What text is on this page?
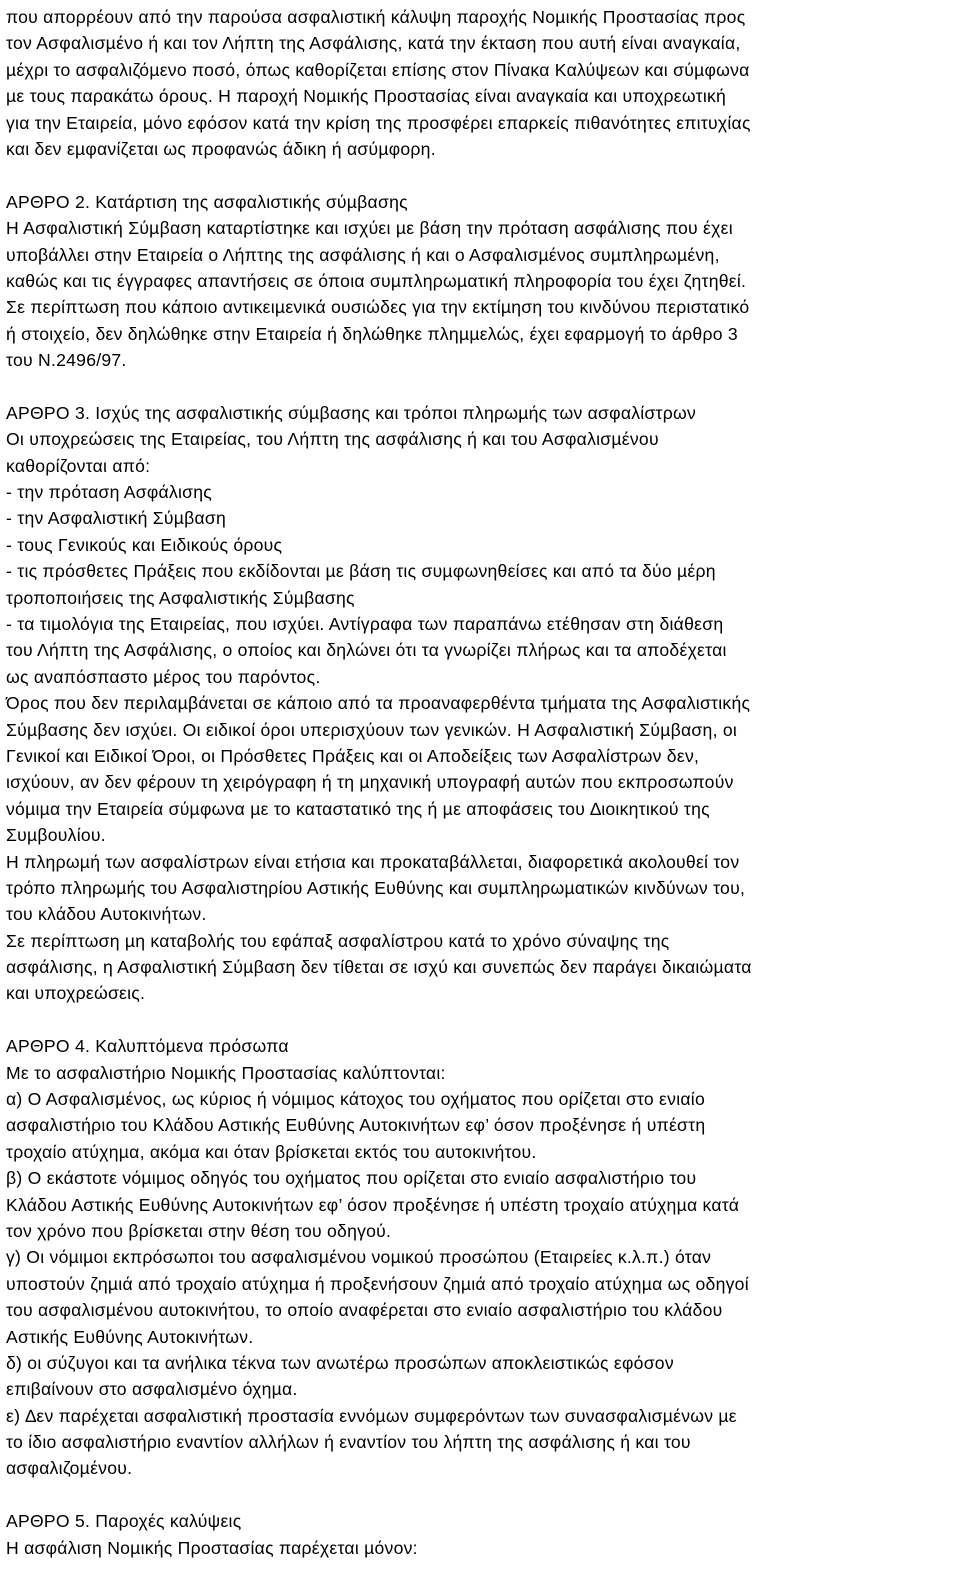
που απορρέουν από την παρούσα ασφαλιστική κάλυψη παροχής Νοµικής Προστασίας προς
τον Ασφαλισµένο ή και τον Λήπτη της Ασφάλισης, κατά την έκταση που αυτή είναι αναγκαία,
µέχρι το ασφαλιζόµενο ποσό, όπως καθορίζεται επίσης στον Πίνακα Καλύψεων και σύµφωνα
µε τους παρακάτω όρους. Η παροχή Νοµικής Προστασίας είναι αναγκαία και υποχρεωτική
για την Εταιρεία, µόνο εφόσον κατά την κρίση της προσφέρει επαρκείς πιθανότητες επιτυχίας
και δεν εµφανίζεται ως προφανώς άδικη ή ασύµφορη.
ΑΡΘΡΟ 2. Κατάρτιση της ασφαλιστικής σύµβασης
Η Ασφαλιστική Σύµβαση καταρτίστηκε και ισχύει µε βάση την πρόταση ασφάλισης που έχει
υποβάλλει στην Εταιρεία ο Λήπτης της ασφάλισης ή και ο Ασφαλισµένος συµπληρωµένη,
καθώς και τις έγγραφες απαντήσεις σε όποια συµπληρωµατική πληροφορία του έχει ζητηθεί.
Σε περίπτωση που κάποιο αντικειµενικά ουσιώδες για την εκτίµηση του κινδύνου περιστατικό
ή στοιχείο, δεν δηλώθηκε στην Εταιρεία ή δηλώθηκε πληµµελώς, έχει εφαρµογή το άρθρο 3
του Ν.2496/97.
ΑΡΘΡΟ 3. Ισχύς της ασφαλιστικής σύµβασης και τρόποι πληρωµής των ασφαλίστρων
Οι υποχρεώσεις της Εταιρείας, του Λήπτη της ασφάλισης ή και του Ασφαλισµένου
καθορίζονται από:
- την πρόταση Ασφάλισης
- την Ασφαλιστική Σύµβαση
- τους Γενικούς και Ειδικούς όρους
- τις πρόσθετες Πράξεις που εκδίδονται µε βάση τις συµφωνηθείσες και από τα δύο µέρη
τροποποιήσεις της Ασφαλιστικής Σύµβασης
- τα τιµολόγια της Εταιρείας, που ισχύει. Αντίγραφα των παραπάνω ετέθησαν στη διάθεση
του Λήπτη της Ασφάλισης, ο οποίος και δηλώνει ότι τα γνωρίζει πλήρως και τα αποδέχεται
ως αναπόσπαστο µέρος του παρόντος.
Όρος που δεν περιλαµβάνεται σε κάποιο από τα προαναφερθέντα τµήµατα της Ασφαλιστικής
Σύµβασης δεν ισχύει. Οι ειδικοί όροι υπερισχύουν των γενικών. Η Ασφαλιστική Σύµβαση, οι
Γενικοί και Ειδικοί Όροι, οι Πρόσθετες Πράξεις και οι Αποδείξεις των Ασφαλίστρων δεν,
ισχύουν, αν δεν φέρουν τη χειρόγραφη ή τη µηχανική υπογραφή αυτών που εκπροσωπούν
νόµιµα την Εταιρεία σύµφωνα µε το καταστατικό της ή µε αποφάσεις του ∆ιοικητικού της
Συµβουλίου.
Η πληρωµή των ασφαλίστρων είναι ετήσια και προκαταβάλλεται, διαφορετικά ακολουθεί τον
τρόπο πληρωµής του Ασφαλιστηρίου Αστικής Ευθύνης και συµπληρωµατικών κινδύνων του,
του κλάδου Αυτοκινήτων.
Σε περίπτωση µη καταβολής του εφάπαξ ασφαλίστρου κατά το χρόνο σύναψης της
ασφάλισης, η Ασφαλιστική Σύµβαση δεν τίθεται σε ισχύ και συνεπώς δεν παράγει δικαιώµατα
και υποχρεώσεις.
ΑΡΘΡΟ 4. Καλυπτόµενα πρόσωπα
Με το ασφαλιστήριο Νοµικής Προστασίας καλύπτονται:
α) Ο Ασφαλισµένος, ως κύριος ή νόµιµος κάτοχος του οχήµατος που ορίζεται στο ενιαίο
ασφαλιστήριο του Κλάδου Αστικής Ευθύνης Αυτοκινήτων εφ’ όσον προξένησε ή υπέστη
τροχαίο ατύχηµα, ακόµα και όταν βρίσκεται εκτός του αυτοκινήτου.
β) Ο εκάστοτε νόµιµος οδηγός του οχήµατος που ορίζεται στο ενιαίο ασφαλιστήριο του
Κλάδου Αστικής Ευθύνης Αυτοκινήτων εφ’ όσον προξένησε ή υπέστη τροχαίο ατύχηµα κατά
τον χρόνο που βρίσκεται στην θέση του οδηγού.
γ) Οι νόµιµοι εκπρόσωποι του ασφαλισµένου νοµικού προσώπου (Εταιρείες κ.λ.π.) όταν
υποστούν ζηµιά από τροχαίο ατύχηµα ή προξενήσουν ζηµιά από τροχαίο ατύχηµα ως οδηγοί
του ασφαλισµένου αυτοκινήτου, το οποίο αναφέρεται στο ενιαίο ασφαλιστήριο του κλάδου
Αστικής Ευθύνης Αυτοκινήτων.
δ) οι σύζυγοι και τα ανήλικα τέκνα των ανωτέρω προσώπων αποκλειστικώς εφόσον
επιβαίνουν στο ασφαλισµένο όχηµα.
ε) ∆εν παρέχεται ασφαλιστική προστασία εννόµων συµφερόντων των συνασφαλισµένων µε
το ίδιο ασφαλιστήριο εναντίον αλλήλων ή εναντίον του λήπτη της ασφάλισης ή και του
ασφαλιζοµένου.
ΑΡΘΡΟ 5. Παροχές καλύψεις
Η ασφάλιση Νοµικής Προστασίας παρέχεται µόνον:
